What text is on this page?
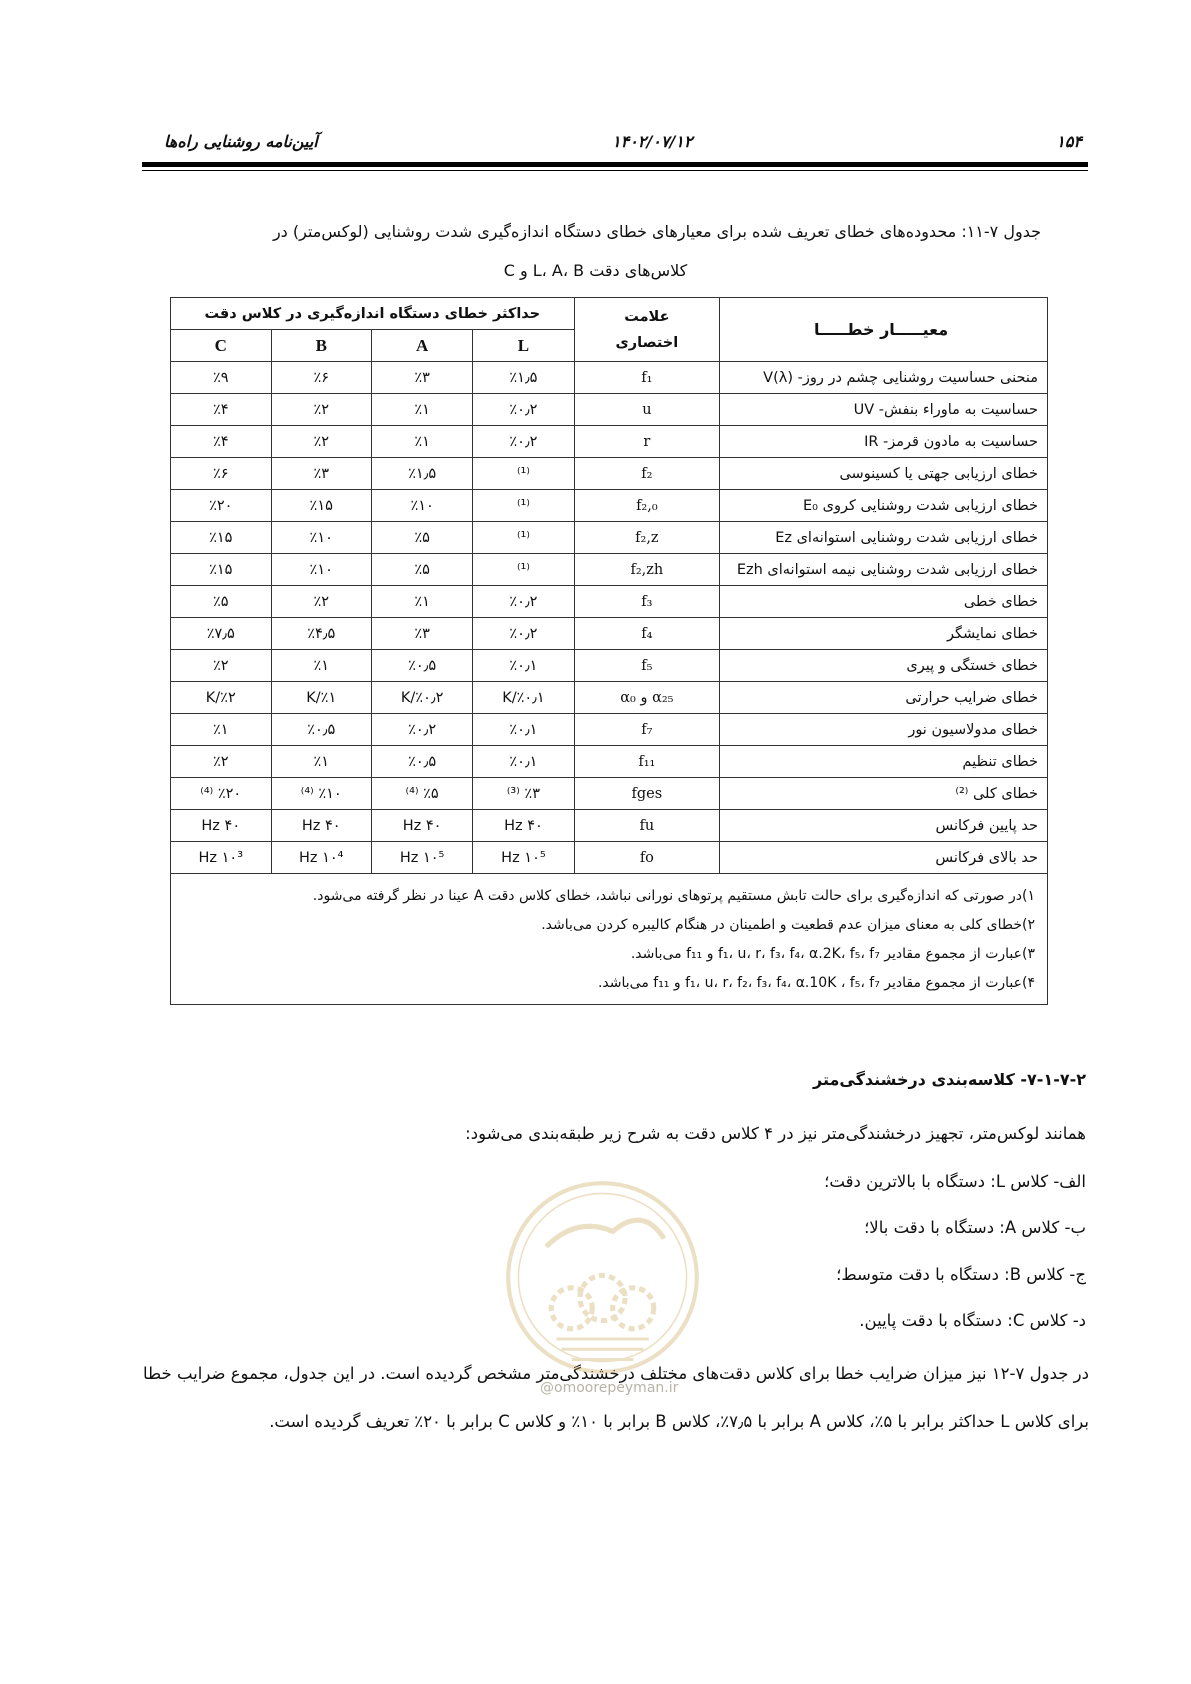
۱۵۴
۱۴۰۲/۰۷/۱۲
آیین‌نامه روشنایی راه‌ها
جدول ۷-۱۱: محدوده‌های خطای تعریف شده برای معیارهای خطای دستگاه اندازه‌گیری شدت روشنایی (لوکس‌متر) در
کلاس‌های دقت L، A، B و C
معیـــــار خطـــــا	علامت
اختصاری	حداکثر خطای دستگاه اندازه‌گیری در کلاس دقت			
		L	A	B	C
منحنی حساسیت روشنایی چشم در روز- V(λ)	f₁	٪۱٫۵	٪۳	٪۶	٪۹
حساسیت به ماوراء بنفش- UV	u	٪۰٫۲	٪۱	٪۲	٪۴
حساسیت به مادون قرمز- IR	r	٪۰٫۲	٪۱	٪۲	٪۴
خطای ارزیابی جهتی یا کسینوسی	f₂	⁽¹⁾	٪۱٫۵	٪۳	٪۶
خطای ارزیابی شدت روشنایی کروی E₀	f₂,₀	⁽¹⁾	٪۱۰	٪۱۵	٪۲۰
خطای ارزیابی شدت روشنایی استوانه‌ای Ez	f₂,z	⁽¹⁾	٪۵	٪۱۰	٪۱۵
خطای ارزیابی شدت روشنایی نیمه استوانه‌ای Ezh	f₂,zh	⁽¹⁾	٪۵	٪۱۰	٪۱۵
خطای خطی	f₃	٪۰٫۲	٪۱	٪۲	٪۵
خطای نمایشگر	f₄	٪۰٫۲	٪۳	٪۴٫۵	٪۷٫۵
خطای خستگی و پیری	f₅	٪۰٫۱	٪۰٫۵	٪۱	٪۲
خطای ضرایب حرارتی	α₂₅ و α₀	٪۰٫۱/K	٪۰٫۲/K	٪۱/K	٪۲/K
خطای مدولاسیون نور	f₇	٪۰٫۱	٪۰٫۲	٪۰٫۵	٪۱
خطای تنظیم	f₁₁	٪۰٫۱	٪۰٫۵	٪۱	٪۲
خطای کلی ⁽²⁾	fges	٪۳ ⁽³⁾	٪۵ ⁽⁴⁾	٪۱۰ ⁽⁴⁾	٪۲۰ ⁽⁴⁾
حد پایین فرکانس	fu	۴۰ Hz	۴۰ Hz	۴۰ Hz	۴۰ Hz
حد بالای فرکانس	fo	۱۰⁵ Hz	۱۰⁵ Hz	۱۰⁴ Hz	۱۰³ Hz

۱)در صورتی که اندازه‌گیری برای حالت تابش مستقیم پرتوهای نورانی نباشد، خطای کلاس دقت A عینا در نظر گرفته می‌شود.
۲)خطای کلی به معنای میزان عدم قطعیت و اطمینان در هنگام کالیبره کردن می‌باشد.
۳)عبارت از مجموع مقادیر f₁، u، r، f₃، f₄، α.2K، f₅، f₇ و f₁₁ می‌باشد.
۴)عبارت از مجموع مقادیر f₁، u، r، f₂، f₃، f₄، α.10K ، f₅، f₇ و f₁₁ می‌باشد.					
۷-۱-۷-۲- کلاسه‌بندی درخشندگی‌متر
همانند لوکس‌متر، تجهیز درخشندگی‌متر نیز در ۴ کلاس دقت به شرح زیر طبقه‌بندی می‌شود:
الف- کلاس L: دستگاه با بالاترین دقت؛
ب- کلاس A: دستگاه با دقت بالا؛
ج- کلاس B: دستگاه با دقت متوسط؛
د- کلاس C: دستگاه با دقت پایین.
در جدول ۷-۱۲ نیز میزان ضرایب خطا برای کلاس دقت‌های مختلف درخشندگی‌متر مشخص گردیده است. در این جدول، مجموع ضرایب خطا برای کلاس L حداکثر برابر با ۵٪، کلاس A برابر با ۷٫۵٪، کلاس B برابر با ۱۰٪ و کلاس C برابر با ۲۰٪ تعریف گردیده است.
@omoorepeyman.ir
